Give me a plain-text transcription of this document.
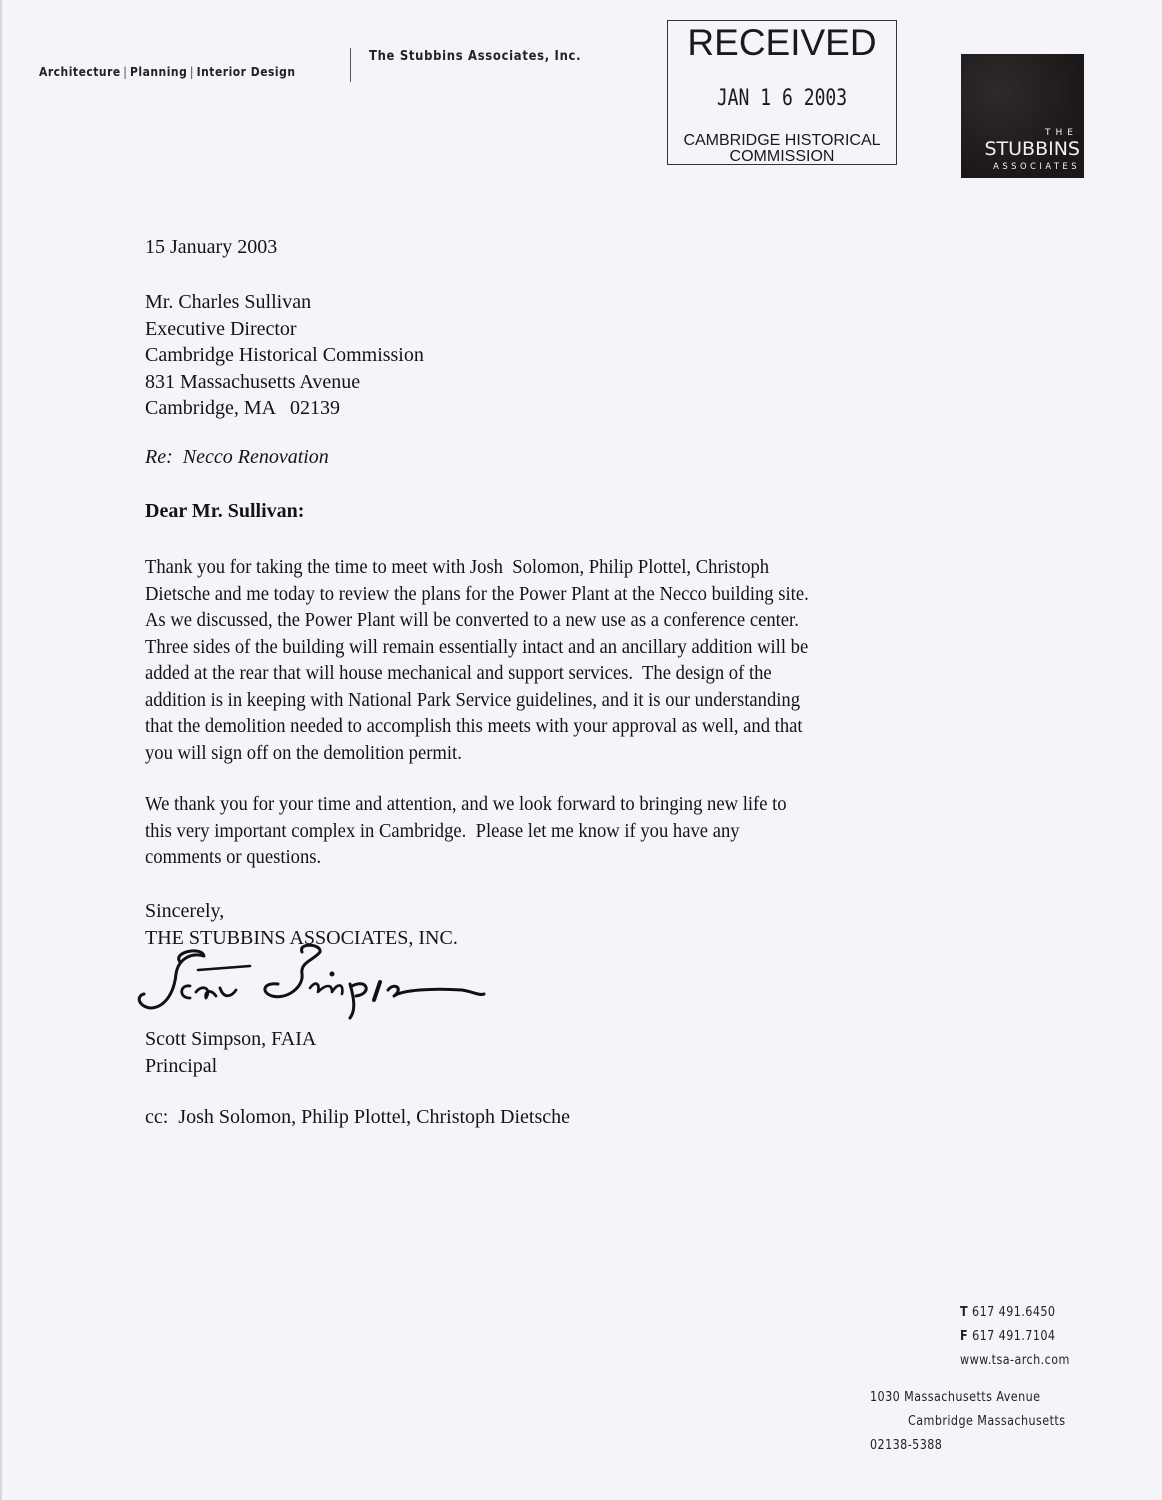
Architecture | Planning | Interior Design
The Stubbins Associates, Inc.	RECEIVED
JAN 1 6 2003
CAMBRIDGE HISTORICAL
COMMISSION
THE
STUBBINS
ASSOCIATES
15 January 2003
Mr. Charles Sullivan
Executive Director
Cambridge Historical Commission
831 Massachusetts Avenue
Cambridge, MA   02139
Re:  Necco Renovation
Dear Mr. Sullivan:
Thank you for taking the time to meet with Josh  Solomon, Philip Plottel, Christoph
Dietsche and me today to review the plans for the Power Plant at the Necco building site.
As we discussed, the Power Plant will be converted to a new use as a conference center.
Three sides of the building will remain essentially intact and an ancillary addition will be
added at the rear that will house mechanical and support services.  The design of the
addition is in keeping with National Park Service guidelines, and it is our understanding
that the demolition needed to accomplish this meets with your approval as well, and that
you will sign off on the demolition permit.
We thank you for your time and attention, and we look forward to bringing new life to
this very important complex in Cambridge.  Please let me know if you have any
comments or questions.
Sincerely,
THE STUBBINS ASSOCIATES, INC.
Scott Simpson, FAIA
Principal
cc:  Josh Solomon, Philip Plottel, Christoph Dietsche
T 617 491.6450
F 617 491.7104
www.tsa-arch.com
1030 Massachusetts Avenue
Cambridge Massachusetts
02138-5388
